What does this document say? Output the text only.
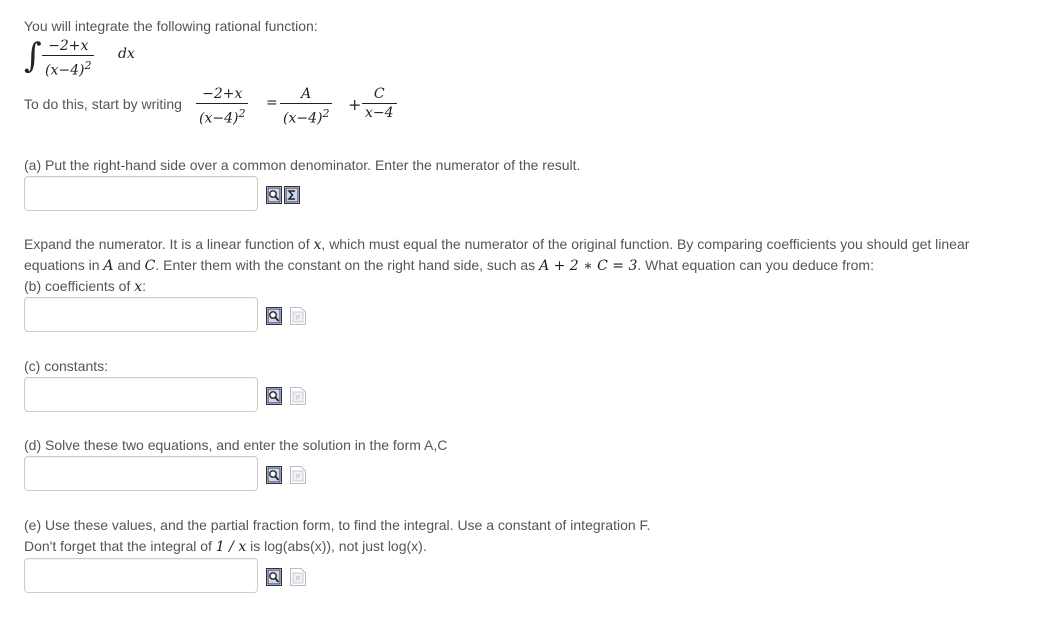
You will integrate the following rational function:
∫ $\frac{-2+x}{(x-4)^2}$ dx
To do this, start by writing $\frac{-2+x}{(x-4)^2} = \frac{A}{(x-4)^2} + \frac{C}{x-4}$
(a) Put the right-hand side over a common denominator. Enter the numerator of the result.
Expand the numerator. It is a linear function of x, which must equal the numerator of the original function. By comparing coefficients you should get linear
equations in A and C. Enter them with the constant on the right hand side, such as A + 2 ∗ C = 3. What equation can you deduce from:
(b) coefficients of x:
P
(c) constants:
P
(d) Solve these two equations, and enter the solution in the form A,C
P
(e) Use these values, and the partial fraction form, to find the integral. Use a constant of integration F.
Don't forget that the integral of 1 / x is log(abs(x)), not just log(x).
P
